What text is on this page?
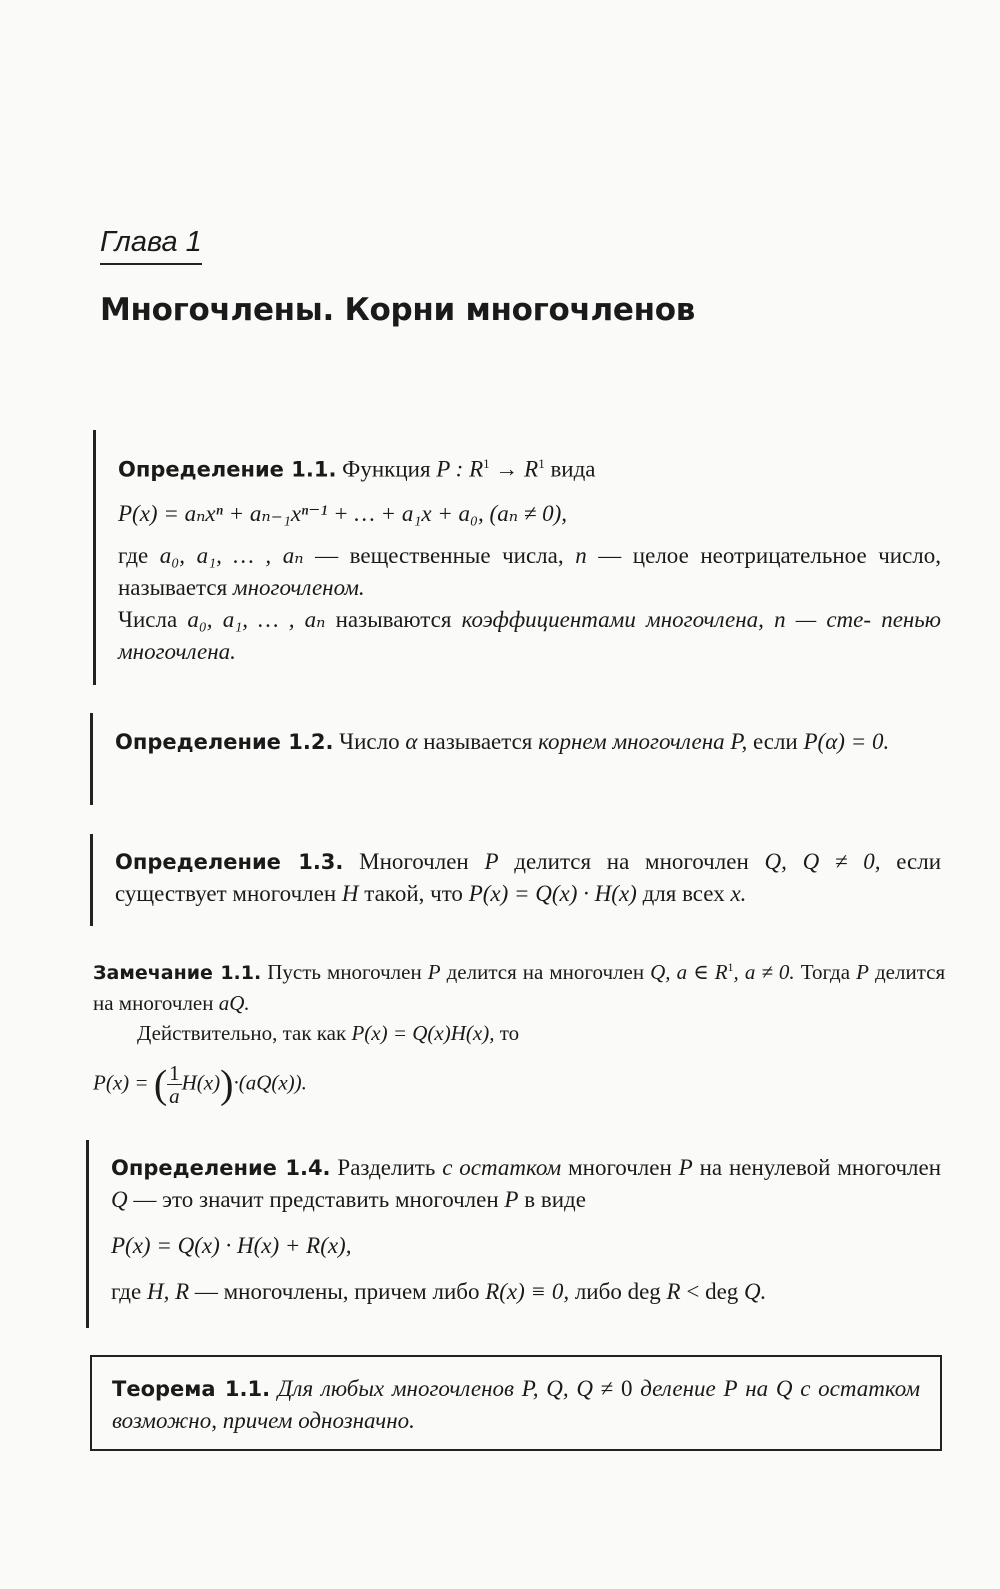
Глава 1
Многочлены. Корни многочленов

Определение 1.1. Функция P : $R^1 \to R^1$ вида

P(x) = aₙxⁿ + aₙ₋₁xⁿ⁻¹ + … + a₁x + a₀, (aₙ ≠ 0),

где a₀, a₁, … , aₙ — вещественные числа, n — целое неотрицательное число, называется многочленом.

Числа a₀, a₁, … , aₙ называются коэффициентами многочлена, n — сте- пенью многочлена.

Определение 1.2. Число α называется корнем многочлена P, если P(α) = 0.

Определение 1.3. Многочлен P делится на многочлен Q, Q ≠ 0, если существует многочлен H такой, что P(x) = Q(x) · H(x) для всех x.

Замечание 1.1. Пусть многочлен P делится на многочлен Q, a ∈ $R^1$, a ≠ 0. Тогда P делится на многочлен aQ.

Действительно, так как P(x) = Q(x)H(x), то

P(x) = ( $\frac{1}{a} H(x))\cdot(aQ(x))$.

Определение 1.4. Разделить с остатком многочлен P на ненулевой многочлен Q — это значит представить многочлен P в виде

P(x) = Q(x) · H(x) + R(x),

где H, R — многочлены, причем либо R(x) ≡ 0, либо deg R < deg Q.

Теорема 1.1. Для любых многочленов P, Q, Q ≠ 0 деление P на Q с остатком возможно, причем однозначно.
